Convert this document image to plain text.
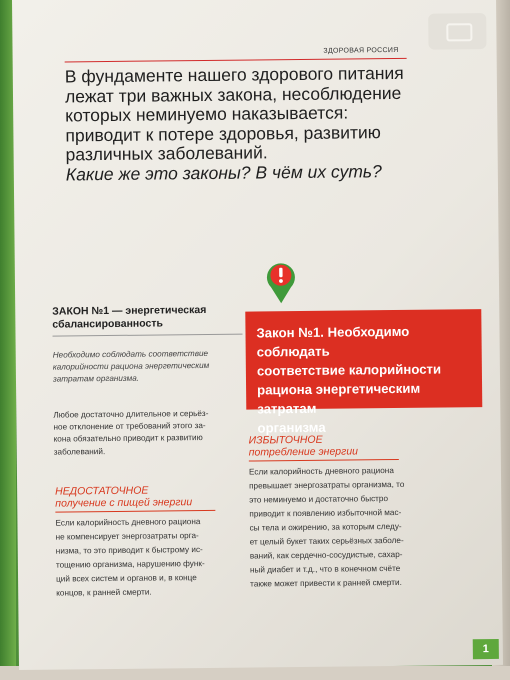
ЗДОРОВАЯ РОССИЯ
В фундаменте нашего здорового питания
лежат три важных закона, несоблюдение
которых неминуемо наказывается:
приводит к потере здоровья, развитию
различных заболеваний.
Какие же это законы? В чём их суть?
ЗАКОН №1 — энергетическая
сбалансированность
Необходимо соблюдать соответствие
калорийности рациона энергетическим
затратам организма.
Любое достаточно длительное и серьёз-
ное отклонение от требований этого за-
кона обязательно приводит к развитию
заболеваний.
Закон №1. Необходимо соблюдать
соответствие калорийности
рациона энергетическим затратам
организма
ИЗБЫТОЧНОЕ
потребление энергии
Если калорийность дневного рациона
превышает энергозатраты организма, то
это неминуемо и достаточно быстро
приводит к появлению избыточной мас-
сы тела и ожирению, за которым следу-
ет целый букет таких серьёзных заболе-
ваний, как сердечно-сосудистые, сахар-
ный диабет и т.д., что в конечном счёте
также может привести к ранней смерти.
НЕДОСТАТОЧНОЕ
получение с пищей энергии
Если калорийность дневного рациона
не компенсирует энергозатраты орга-
низма, то это приводит к быстрому ис-
тощению организма, нарушению функ-
ций всех систем и органов и, в конце
концов, к ранней смерти.
1
